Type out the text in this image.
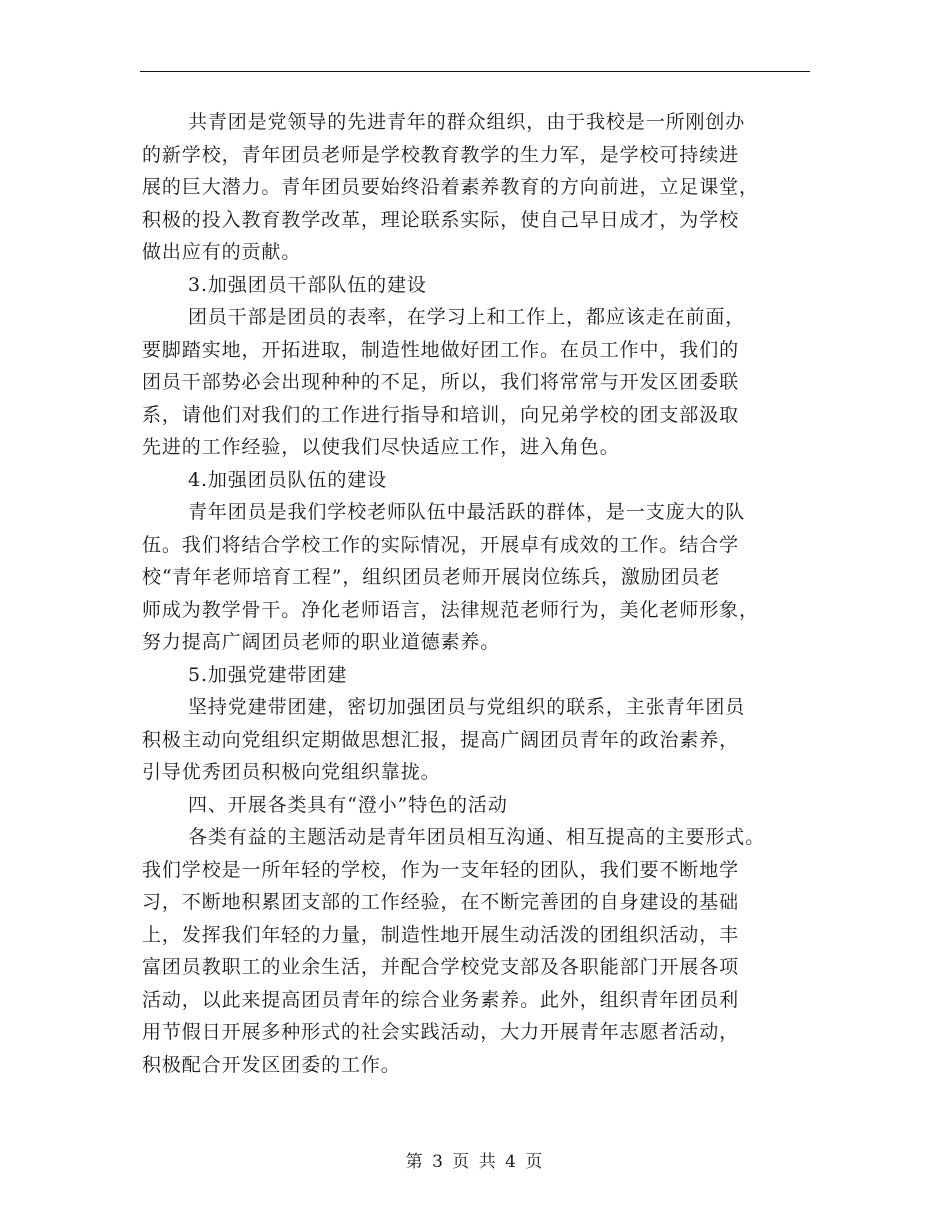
共青团是党领导的先进青年的群众组织，由于我校是一所刚创办
的新学校，青年团员老师是学校教育教学的生力军，是学校可持续进
展的巨大潜力。青年团员要始终沿着素养教育的方向前进，立足课堂，
积极的投入教育教学改革，理论联系实际，使自己早日成才，为学校
做出应有的贡献。
3.加强团员干部队伍的建设
团员干部是团员的表率，在学习上和工作上，都应该走在前面，
要脚踏实地，开拓进取，制造性地做好团工作。在员工作中，我们的
团员干部势必会出现种种的不足，所以，我们将常常与开发区团委联
系，请他们对我们的工作进行指导和培训，向兄弟学校的团支部汲取
先进的工作经验，以使我们尽快适应工作，进入角色。
4.加强团员队伍的建设
青年团员是我们学校老师队伍中最活跃的群体，是一支庞大的队
伍。我们将结合学校工作的实际情况，开展卓有成效的工作。结合学
校“青年老师培育工程”，组织团员老师开展岗位练兵，激励团员老
师成为教学骨干。净化老师语言，法律规范老师行为，美化老师形象，
努力提高广阔团员老师的职业道德素养。
5.加强党建带团建
坚持党建带团建，密切加强团员与党组织的联系，主张青年团员
积极主动向党组织定期做思想汇报，提高广阔团员青年的政治素养，
引导优秀团员积极向党组织靠拢。
四、开展各类具有“澄小”特色的活动
各类有益的主题活动是青年团员相互沟通、相互提高的主要形式。
我们学校是一所年轻的学校，作为一支年轻的团队，我们要不断地学
习，不断地积累团支部的工作经验，在不断完善团的自身建设的基础
上，发挥我们年轻的力量，制造性地开展生动活泼的团组织活动，丰
富团员教职工的业余生活，并配合学校党支部及各职能部门开展各项
活动，以此来提高团员青年的综合业务素养。此外，组织青年团员利
用节假日开展多种形式的社会实践活动，大力开展青年志愿者活动，
积极配合开发区团委的工作。
第 3 页 共 4 页
